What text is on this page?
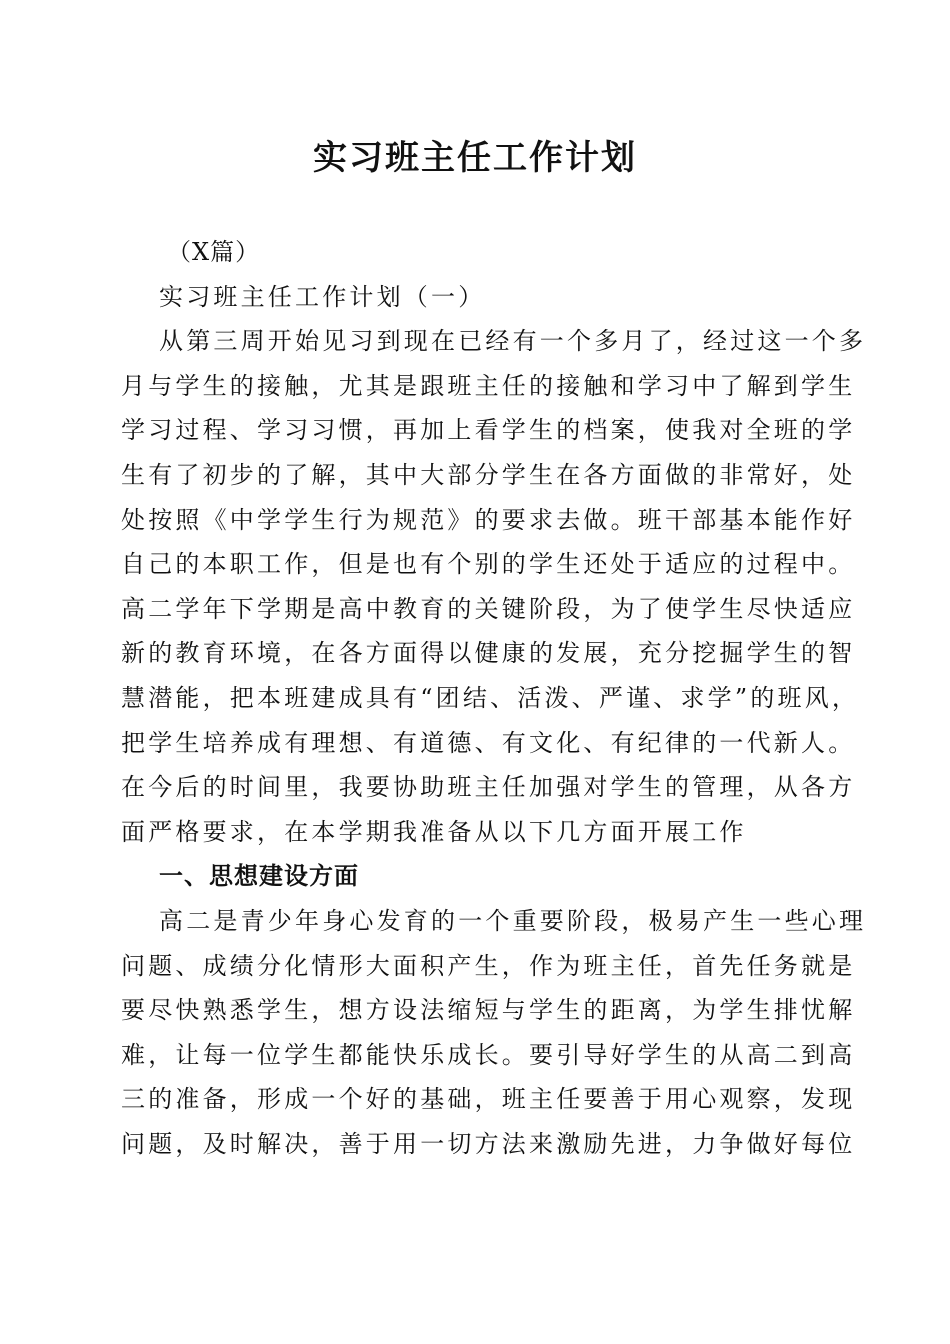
实习班主任工作计划
（X篇）
实习班主任工作计划（一）
从第三周开始见习到现在已经有一个多月了，经过这一个多
月与学生的接触，尤其是跟班主任的接触和学习中了解到学生
学习过程、学习习惯，再加上看学生的档案，使我对全班的学
生有了初步的了解，其中大部分学生在各方面做的非常好，处
处按照《中学学生行为规范》的要求去做。班干部基本能作好
自己的本职工作，但是也有个别的学生还处于适应的过程中。
高二学年下学期是高中教育的关键阶段，为了使学生尽快适应
新的教育环境，在各方面得以健康的发展，充分挖掘学生的智
慧潜能，把本班建成具有“团结、活泼、严谨、求学”的班风，
把学生培养成有理想、有道德、有文化、有纪律的一代新人。
在今后的时间里，我要协助班主任加强对学生的管理，从各方
面严格要求，在本学期我准备从以下几方面开展工作
一、思想建设方面
高二是青少年身心发育的一个重要阶段，极易产生一些心理
问题、成绩分化情形大面积产生，作为班主任，首先任务就是
要尽快熟悉学生，想方设法缩短与学生的距离，为学生排忧解
难，让每一位学生都能快乐成长。要引导好学生的从高二到高
三的准备，形成一个好的基础，班主任要善于用心观察，发现
问题，及时解决，善于用一切方法来激励先进，力争做好每位
